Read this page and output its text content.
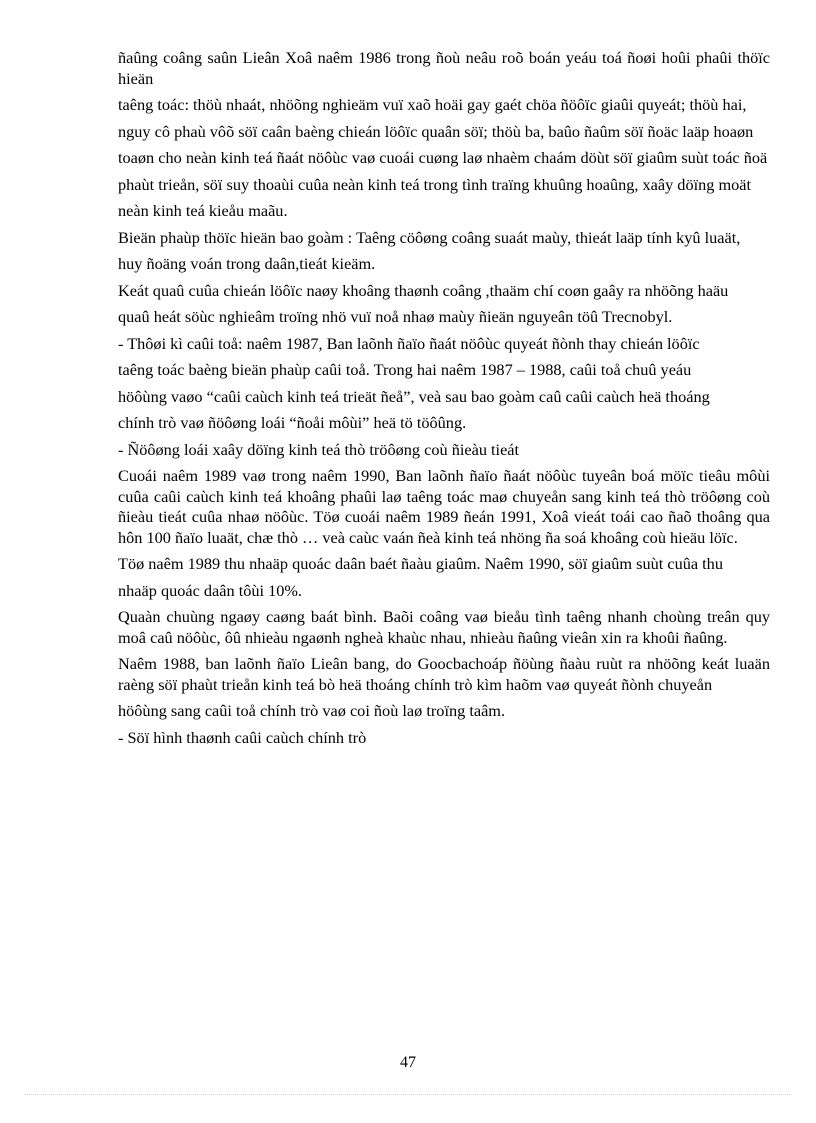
ñaûng coâng saûn Lieân Xoâ naêm 1986 trong ñoù neâu roõ boán yeáu toá ñoøi hoûi phaûi thöïc hieän

taêng toác: thöù nhaát, nhöõng nghieäm vuï xaõ hoäi gay gaét chöa ñöôïc giaûi quyeát; thöù hai,

nguy cô phaù vôõ söï caân baèng chieán löôïc quaân söï; thöù ba, baûo ñaûm söï ñoäc laäp hoaøn

toaøn cho neàn kinh teá ñaát nöôùc vaø cuoái cuøng laø nhaèm chaám döùt söï giaûm suùt toác ñoä

phaùt trieån, söï suy thoaùi cuûa neàn kinh teá trong tình traïng khuûng hoaûng, xaây döïng moät

neàn kinh teá kieåu maãu.

Bieän phaùp thöïc hieän bao goàm : Taêng cöôøng coâng suaát maùy, thieát laäp tính kyû luaät,

huy ñoäng voán trong daân,tieát kieäm.

Keát quaû cuûa chieán löôïc naøy khoâng thaønh coâng ,thaäm chí coøn gaây ra nhöõng haäu

quaû heát söùc nghieâm troïng nhö vuï noå nhaø maùy ñieän nguyeân töû Trecnobyl.

- Thôøi kì caûi toå: naêm 1987, Ban laõnh ñaïo ñaát nöôùc quyeát ñònh thay chieán löôïc

taêng toác baèng bieän phaùp caûi toå. Trong hai naêm 1987 – 1988, caûi toå chuû yeáu

höôùng vaøo “caûi caùch kinh teá trieät ñeå”, veà sau bao goàm caû caûi caùch heä thoáng

chính trò vaø ñöôøng loái “ñoåi môùi” heä tö töôûng.

- Ñöôøng loái xaây döïng kinh teá thò tröôøng coù ñieàu tieát

Cuoái naêm 1989 vaø trong naêm 1990, Ban laõnh ñaïo ñaát nöôùc tuyeân boá möïc tieâu môùi cuûa caûi caùch kinh teá khoâng phaûi laø taêng toác maø chuyeån sang kinh teá thò tröôøng coù ñieàu tieát cuûa nhaø nöôùc. Töø cuoái naêm 1989 ñeán 1991, Xoâ vieát toái cao ñaõ thoâng qua hôn 100 ñaïo luaät, chæ thò … veà caùc vaán ñeà kinh teá nhöng ña soá khoâng coù hieäu löïc.

Töø naêm 1989 thu nhaäp quoác daân baét ñaàu giaûm. Naêm 1990, söï giaûm suùt cuûa thu

nhaäp quoác daân tôùi 10%.

Quaàn chuùng ngaøy caøng baát bình. Baõi coâng vaø bieåu tình taêng nhanh choùng treân quy moâ caû nöôùc, ôû nhieàu ngaønh ngheà khaùc nhau, nhieàu ñaûng vieân xin ra khoûi ñaûng.

Naêm 1988, ban laõnh ñaïo Lieân bang, do Goocbachoáp ñöùng ñaàu ruùt ra nhöõng keát luaän raèng söï phaùt trieån kinh teá bò heä thoáng chính trò kìm haõm vaø quyeát ñònh chuyeån

höôùng sang caûi toå chính trò vaø coi ñoù laø troïng taâm.

- Söï hình thaønh caûi caùch chính trò

47
